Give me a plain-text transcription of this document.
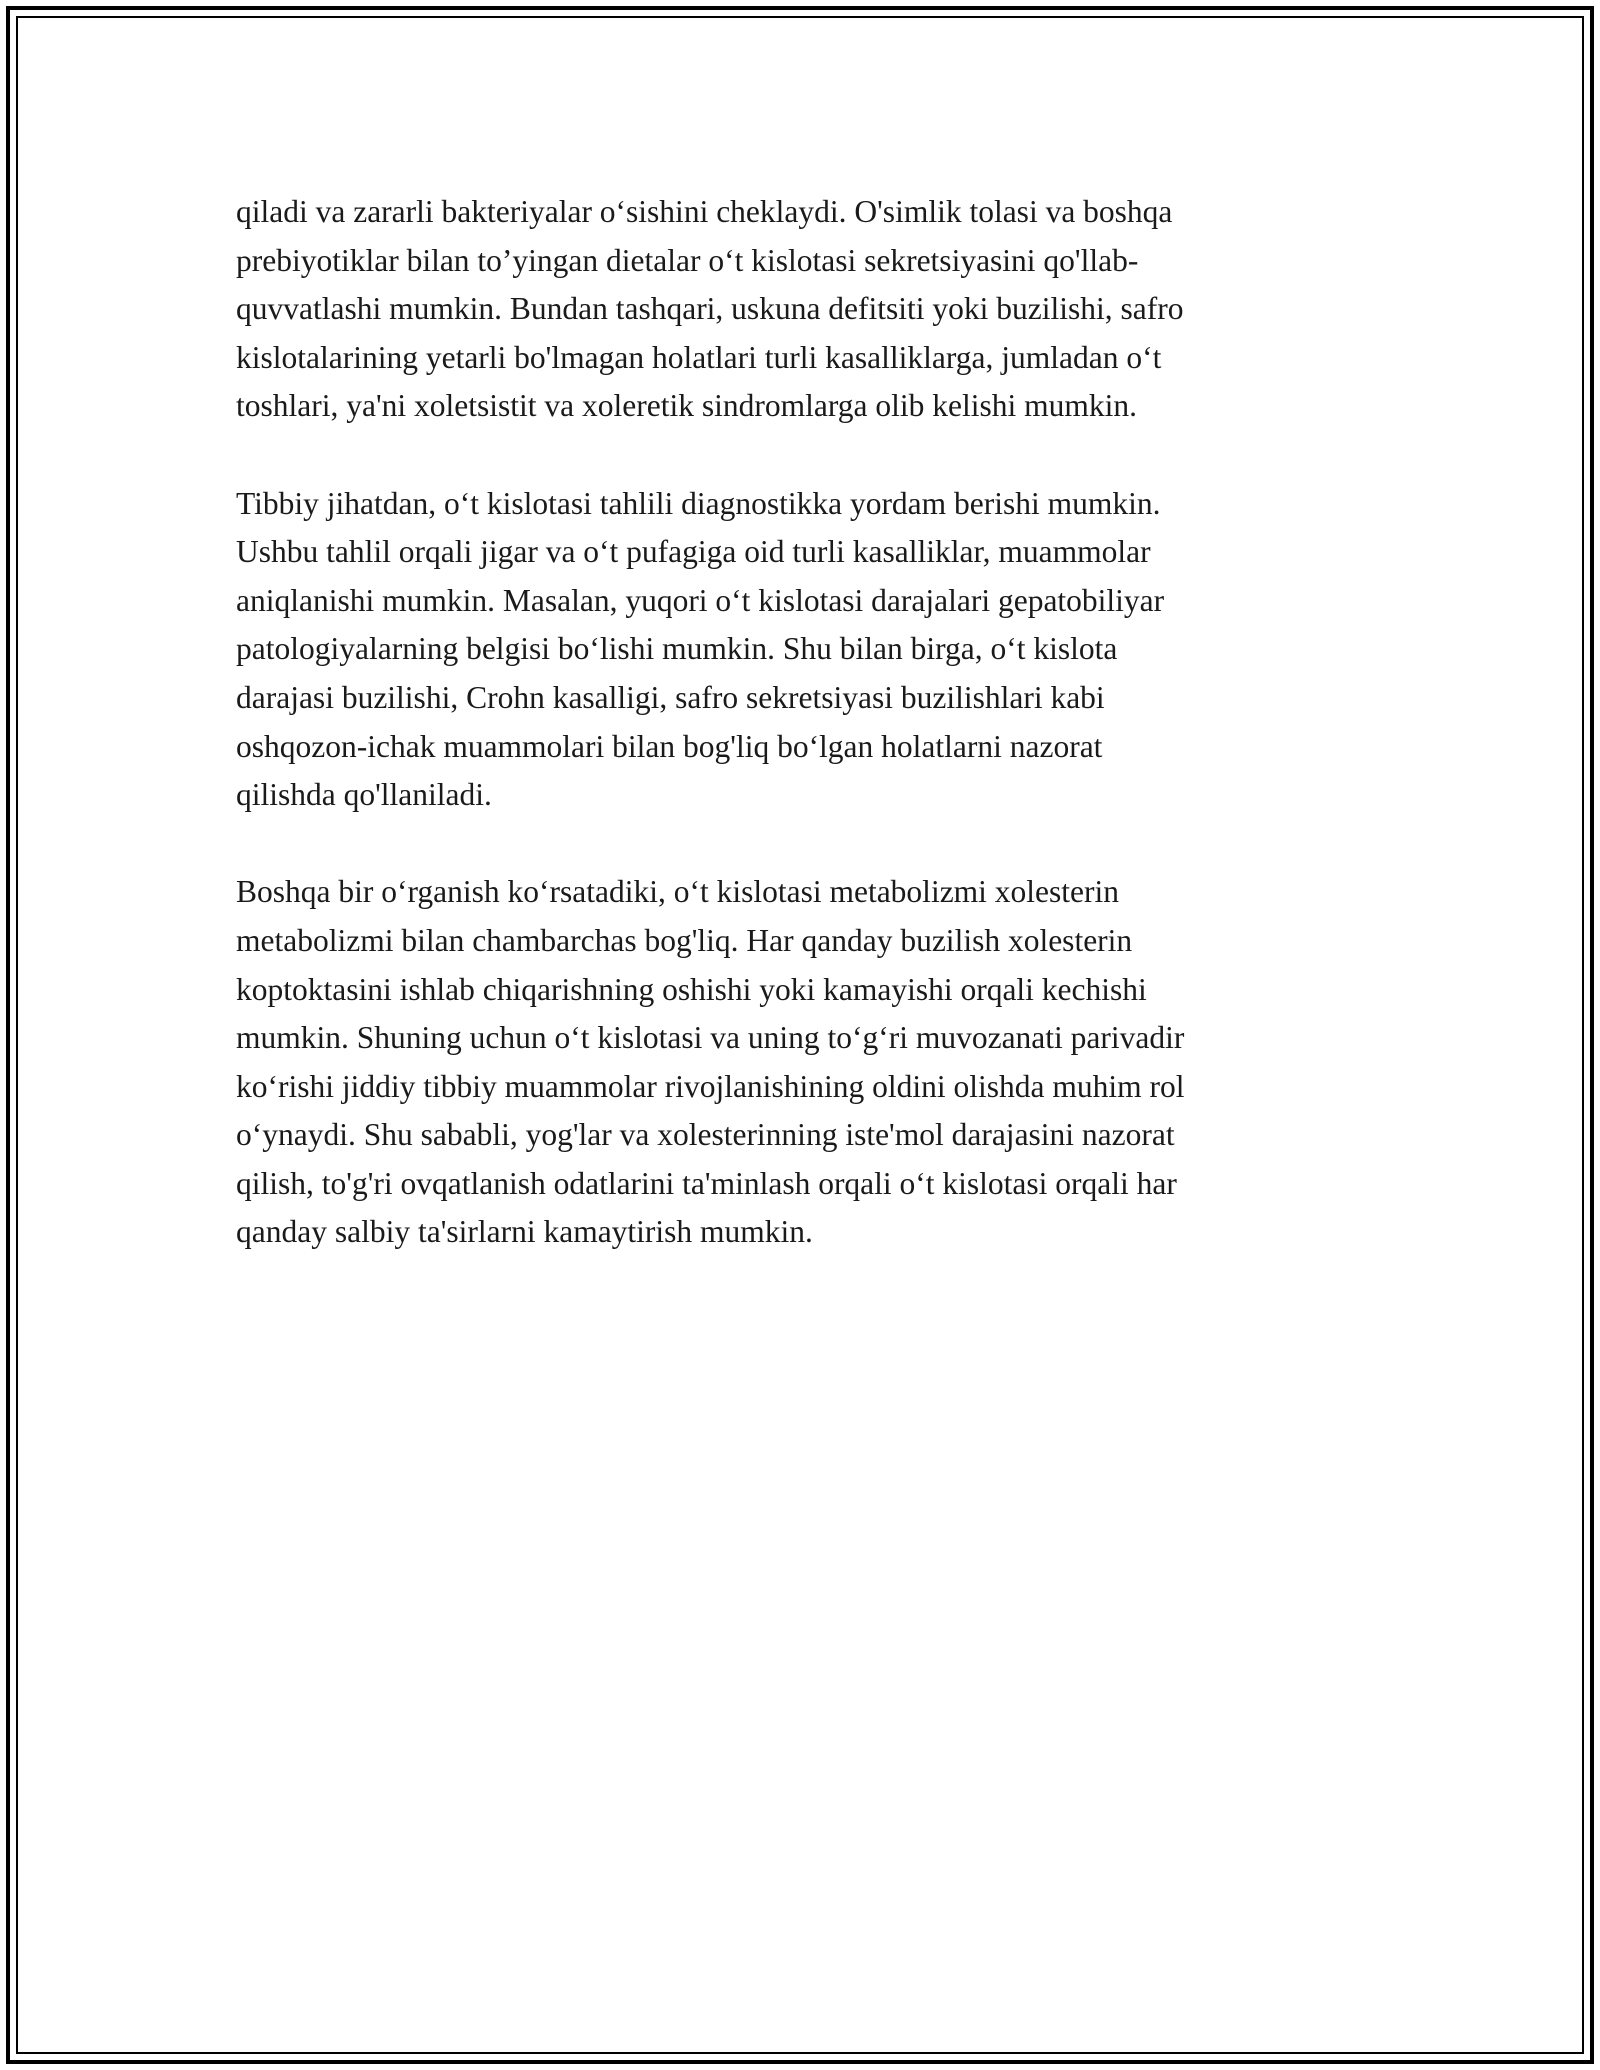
qiladi va zararli bakteriyalar o‘sishini cheklaydi. O'simlik tolasi va boshqa
prebiyotiklar bilan to’yingan dietalar o‘t kislotasi sekretsiyasini qo'llab-
quvvatlashi mumkin. Bundan tashqari, uskuna defitsiti yoki buzilishi, safro
kislotalarining yetarli bo'lmagan holatlari turli kasalliklarga, jumladan o‘t
toshlari, ya'ni xoletsistit va xoleretik sindromlarga olib kelishi mumkin.

Tibbiy jihatdan, o‘t kislotasi tahlili diagnostikka yordam berishi mumkin.
Ushbu tahlil orqali jigar va o‘t pufagiga oid turli kasalliklar, muammolar
aniqlanishi mumkin. Masalan, yuqori o‘t kislotasi darajalari gepatobiliyar
patologiyalarning belgisi bo‘lishi mumkin. Shu bilan birga, o‘t kislota
darajasi buzilishi, Crohn kasalligi, safro sekretsiyasi buzilishlari kabi
oshqozon-ichak muammolari bilan bog'liq bo‘lgan holatlarni nazorat
qilishda qo'llaniladi.

Boshqa bir o‘rganish ko‘rsatadiki, o‘t kislotasi metabolizmi xolesterin
metabolizmi bilan chambarchas bog'liq. Har qanday buzilish xolesterin
koptoktasini ishlab chiqarishning oshishi yoki kamayishi orqali kechishi
mumkin. Shuning uchun o‘t kislotasi va uning to‘g‘ri muvozanati parivadir
ko‘rishi jiddiy tibbiy muammolar rivojlanishining oldini olishda muhim rol
o‘ynaydi. Shu sababli, yog'lar va xolesterinning iste'mol darajasini nazorat
qilish, to'g'ri ovqatlanish odatlarini ta'minlash orqali o‘t kislotasi orqali har
qanday salbiy ta'sirlarni kamaytirish mumkin.
